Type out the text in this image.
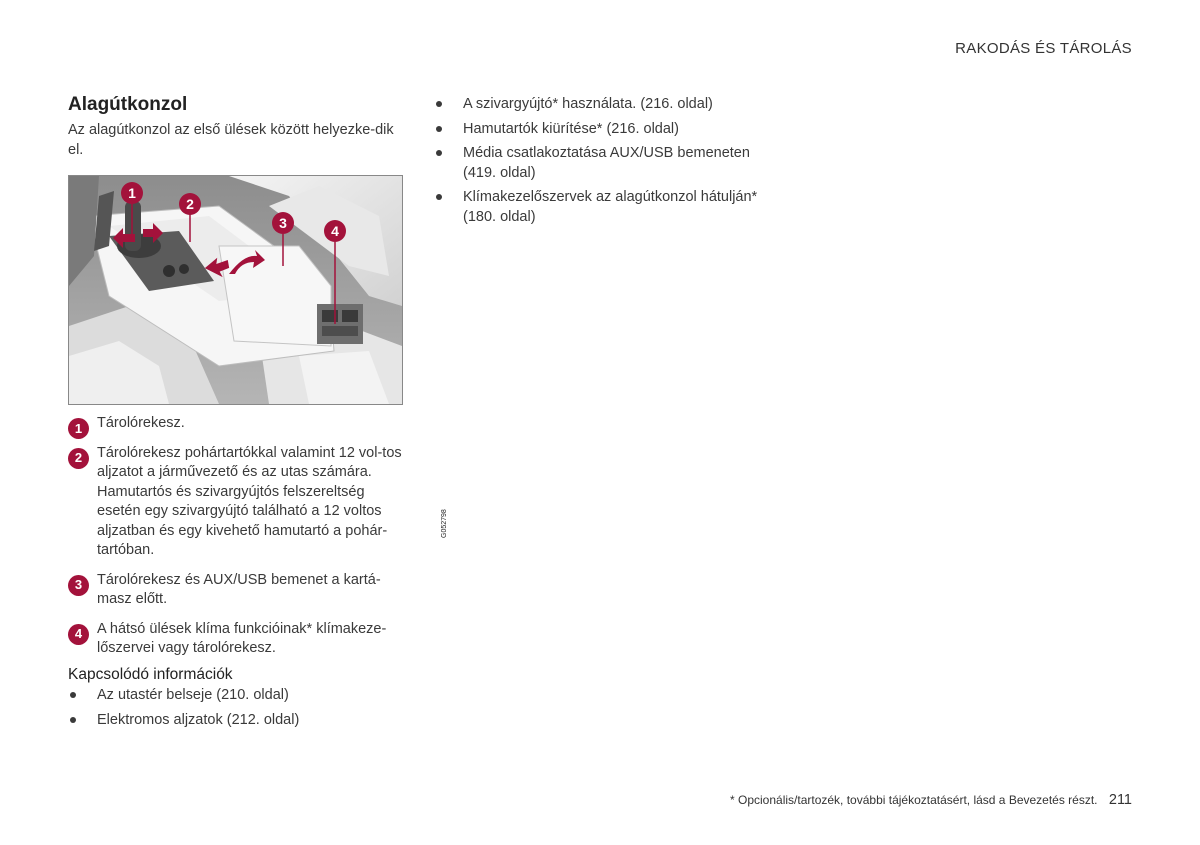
RAKODÁS ÉS TÁROLÁS
Alagútkonzol

Az alagútkonzol az első ülések között helyezke-dik el.

1
2
3	4
G052798
1	Tárolórekesz.
2	Tárolórekesz pohártartókkal valamint 12 vol-tos aljzatot a járművezető és az utas számára. Hamutartós és szivargyújtós felszereltség esetén egy szivargyújtó található a 12 voltos aljzatban és egy kivehető hamutartó a pohár-tartóban.
3	Tárolórekesz és AUX/USB bemenet a kartá-masz előtt.
4	A hátsó ülések klíma funkcióinak* klímakeze-lőszervei vagy tárolórekesz.
Kapcsolódó információk
Az utastér belseje (210. oldal)
Elektromos aljzatok (212. oldal)
A szivargyújtó* használata. (216. oldal)
Hamutartók kiürítése* (216. oldal)
Média csatlakoztatása AUX/USB bemeneten (419. oldal)
Klímakezelőszervek az alagútkonzol hátulján* (180. oldal)
* Opcionális/tartozék, további tájékoztatásért, lásd a Bevezetés részt. 211
